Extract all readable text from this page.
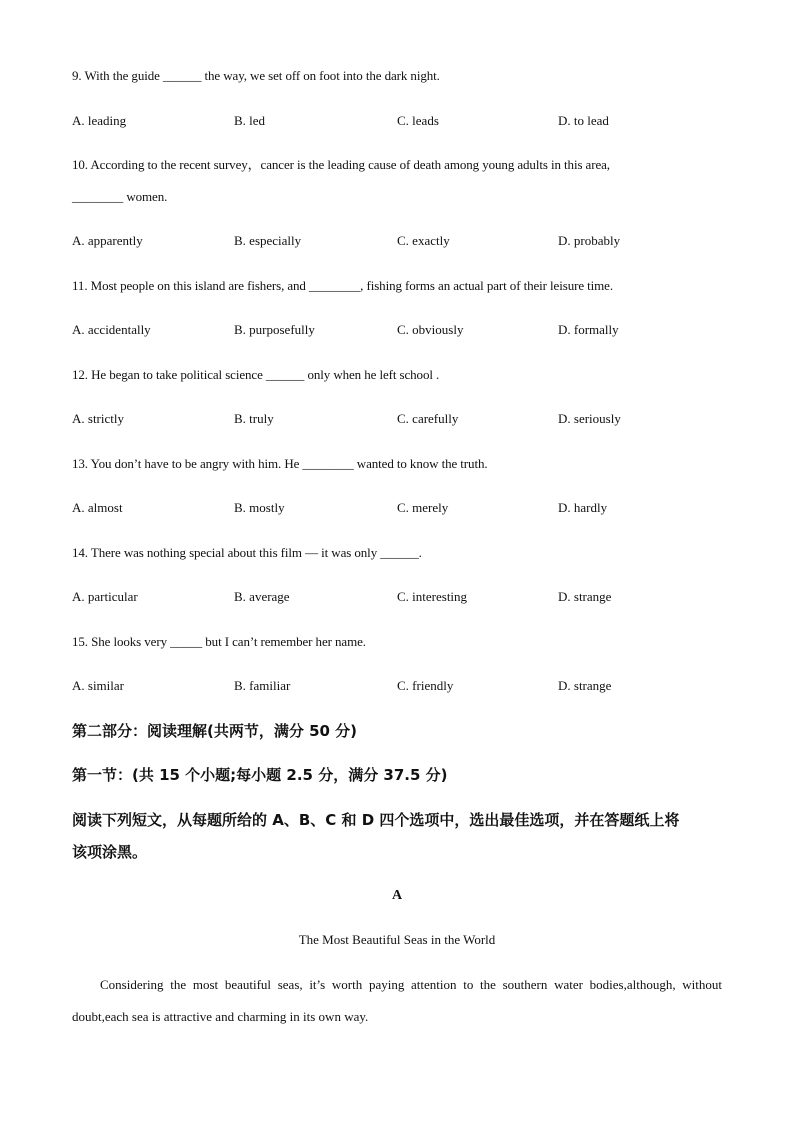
9. With the guide ______ the way, we set off on foot into the dark night.
A. leading	B. led	C. leads	D. to lead
10. According to the recent survey，cancer is the leading cause of death among young adults in this area,
________ women.
A. apparently	B. especially	C. exactly	D. probably
11. Most people on this island are fishers, and ________, fishing forms an actual part of their leisure time.
A. accidentally	B. purposefully	C. obviously	D. formally
12. He began to take political science ______ only when he left school .
A. strictly	B. truly	C. carefully	D. seriously
13. You don’t have to be angry with him. He ________ wanted to know the truth.
A. almost	B. mostly	C. merely	D. hardly
14. There was nothing special about this film — it was only ______.
A. particular	B. average	C. interesting	D. strange
15. She looks very _____ but I can’t remember her name.
A. similar	B. familiar	C. friendly	D. strange
第二部分：阅读理解(共两节，满分 50 分)
第一节：(共 15 个小题;每小题 2.5 分，满分 37.5 分)
阅读下列短文，从每题所给的 A、B、C 和 D 四个选项中，选出最佳选项，并在答题纸上将
该项涂黑。
A
The Most Beautiful Seas in the World
Considering the most beautiful seas, it’s worth paying attention to the southern water bodies,although, without doubt,each sea is attractive and charming in its own way.
